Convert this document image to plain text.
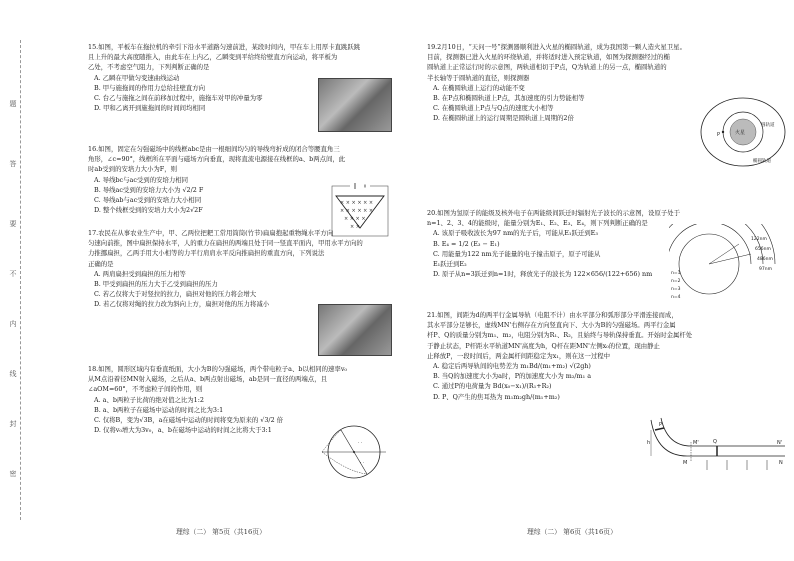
题
答
要
不
内
线
封
密

15.如图，平板车在拖拉机的牵引下沿水平道路匀速前进，某段时间内，甲在车上用厚卡直跳跃跳

且上升的最大高度随推入，由此车在上内乙，乙瞬变到平给终给壁直方向运动，将平板为

乙处，不考虑空气阻力，下列判断正确的是

A. 乙瞬在甲做匀变速曲线运动

B. 甲与施拖间的作用力总给挂壁直方向

C. 台乙与施拖之间在前移加过程中，施拖车对甲的冲量为零

D. 甲和乙离开到施拖间的时间间均相同

16.如图，固定在匀强磁场中的线框abc是由一根细间均匀的导线弯折成的闭合等腰直角三

角形，∠c=90°，线框所在平面与磁场方向垂直，现将直流电源接在线框的a、b两点间，此

时ab受到的安培力大小为F，则

A. 导线bc与ac受到的安培力相同

B. 导线ac受到的安培力大小为 √2/2 F

C. 导线ab与ac受到的安培力大小相同

D. 整个线框受到的安培力大小为2√2F

× × × × × ×
× × × × × ×
× × × ×
× ×

17.农民在从事农业生产中，甲、乙两位把耙工常用筒筒(竹节)扁扁抱起重物绳水平方向

匀速向前推，图中扁担保持水平，人的重力在扁担的两端且处于同一竖直平面内，甲用水平方向的

力推挪扁担，乙两手用大小相等的力平行肩肩水平反向推扁担的重直方向，下列说法

正确的是

A. 两肩扁担受到扁担的压力相等

B. 甲受到扁担的压力大于乙受到扁担的压力

C. 若乙仅将大于对竖拉的拉力，扁担对他的压力将会增大

D. 若乙仅将对绳的拉力改为斜向上方，扁担对他的压力将减小

18.如图，圆形区域内有垂直纸面，大小为B的匀强磁场，两个带电粒子a、b以相同的速率v₀

从M点沿着径MN射入磁场，之后从a、b两点射出磁场，ab是同一直径的两端点，且

∠aOM=60°，不考虑粒子间的作用，则

A. a、b两粒子比荷的绝对值之比为1:2

B. a、b两粒子在磁场中运动的时间之比为3:1

C. 仅将B，变为√3B，a在磁场中运动的时间将变为原来的 √3/2 倍

D. 仅将v₀增大为3v₀，a、b在磁场中运动的时间之比将大于3:1

· ·
· ·
理综（二） 第5页（共16页）

19.2月10日，“天问一号”探测器顺利进入火星的椭圆轨道，成为我国第一颗人造火星卫星。

目前，探测器已进入火星的环绕轨道，并将适时进入预定轨道，如图为探测器经过的椭

圆轨道上正常运行时的示意图，两轨道相切于P点，Q为轨道上的另一点，椭圆轨道的

半长轴等于圆轨道的直径，则探测器

A. 在椭圆轨道上运行的动能不变

B. 在P点和椭圆轨道上P点，其加速度的引力势能相等

C. 在椭圆轨道上P点与Q点的速度大小相等

D. 在椭圆轨道上的运行周期是圆轨道上周期的2倍

P	火星
圆轨道
椭圆轨道

20.如图为氢原子的能级及核外电子在两能级间跃迁时辐射光子波长的示意图，设原子处于

n=1、2、3、4的能级时，能量分别为E₁、E₂、E₃、E₄，则下列判断正确的是

A. 该原子吸收波长为97 nm的光子后，可能从E₁跃迁到E₃

B. E₄ = 1/2 (E₃ − E₁)

C. 用能量为122 nm光子能量的电子撞击原子，原子可能从

E₁跃迁到E₂

D. 原子从n=3跃迁到n=1时，释放光子的波长为 122×656/(122+656) nm

122nm
656nm
486nm
97nm
n=1
n=2
n=3
n=4

21.如图，间距为d的两平行金属导轨（电阻不计）由水平部分和弧形部分平滑连接而成，

其水平部分足够长，虚线MN'右侧存在方向竖直向下、大小为B的匀强磁场。两平行金属

杆P、Q的质量分别为m₁、m₂，电阻分别为R₁、R₂，且始终与导轨保持垂直。开始时金属杆处

于静止状态，P杆距水平轨道MN'高度为h，Q杆在距MN'左侧x₀的位置，现由静止

止释放P，一段时间后，两金属杆间距稳定为x₁，则在这一过程中

A. 稳定后两导轨间的电势差为 m₁Bd/(m₁+m₂) √(2gh)

B. 当Q的加速度大小为a时，P的加速度大小为 m₂/m₁ a

C. 通过P的电荷量为 Bd(x₀−x₁)/(R₁+R₂)

D. P、Q产生的焦耳热为 m₁m₂gh/(m₁+m₂)

h
P
Q
M
M'
N
N'
理综（二） 第6页（共16页）
